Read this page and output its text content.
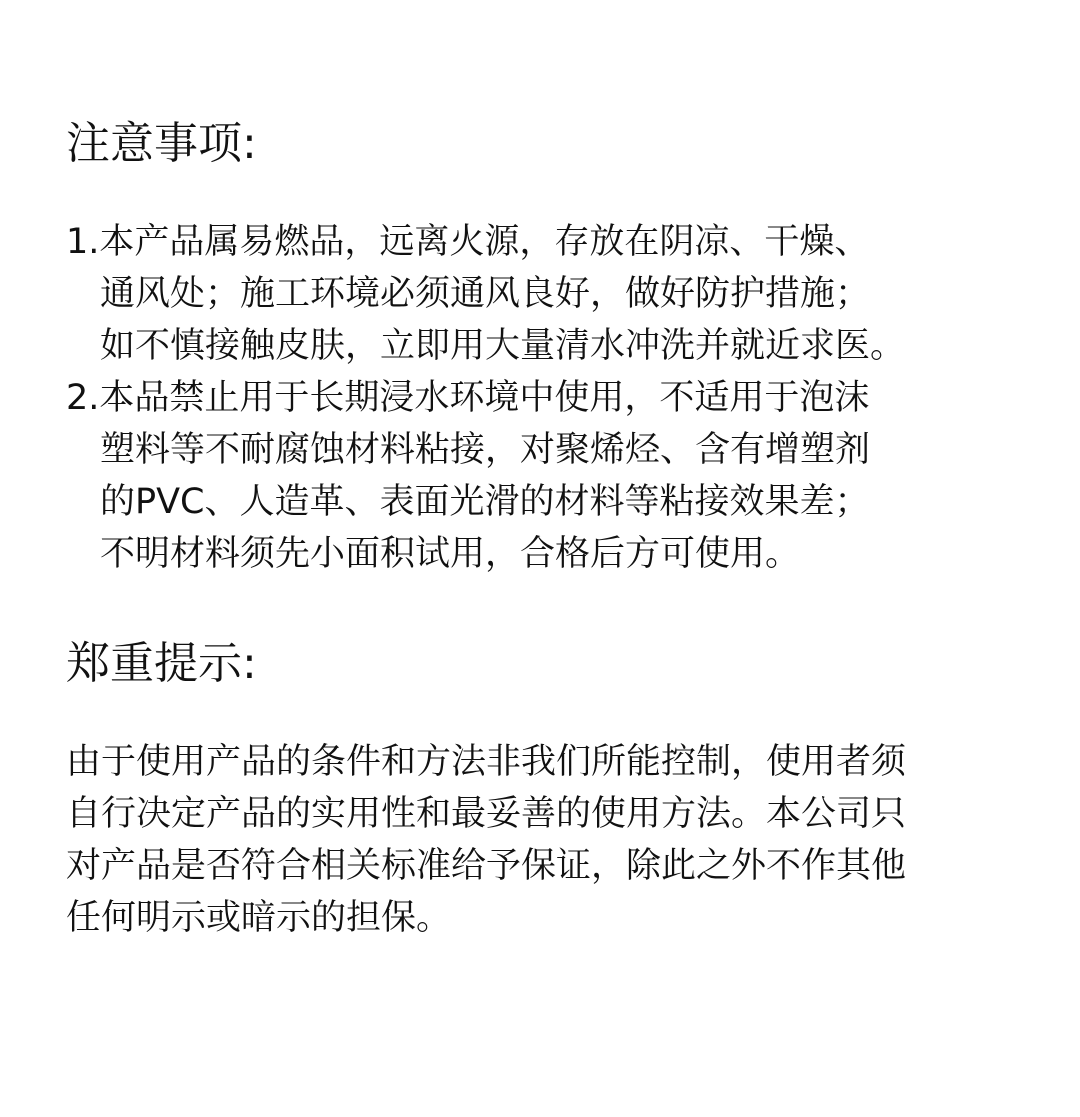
注意事项:

1.本产品属易燃品，远离火源，存放在阴凉、干燥、

通风处；施工环境必须通风良好，做好防护措施；

如不慎接触皮肤，立即用大量清水冲洗并就近求医。

2.本品禁止用于长期浸水环境中使用，不适用于泡沫

塑料等不耐腐蚀材料粘接，对聚烯烃、含有增塑剂

的PVC、人造革、表面光滑的材料等粘接效果差；

不明材料须先小面积试用，合格后方可使用。

郑重提示:

由于使用产品的条件和方法非我们所能控制，使用者须

自行决定产品的实用性和最妥善的使用方法。本公司只

对产品是否符合相关标准给予保证，除此之外不作其他

任何明示或暗示的担保。
